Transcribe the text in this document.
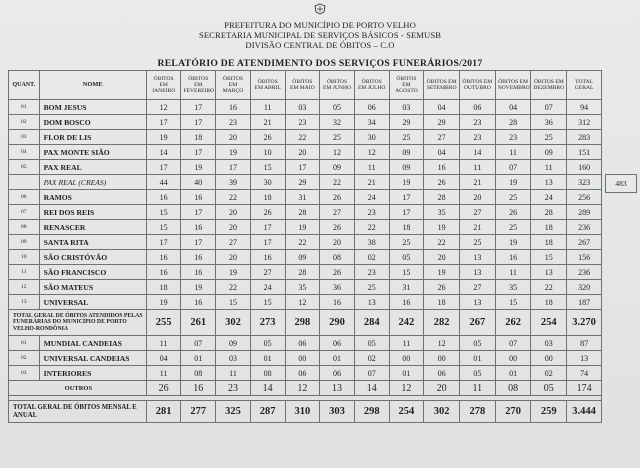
PREFEITURA DO MUNICÍPIO DE PORTO VELHO
SECRETARIA MUNICIPAL DE SERVIÇOS BÁSICOS - SEMUSB
DIVISÃO CENTRAL DE ÓBITOS – C.O
RELATÓRIO DE ATENDIMENTO DOS SERVIÇOS FUNERÁRIOS/2017
QUANT.	NOME	ÓBITOS EM JANEIRO	ÓBITOS EM FEVEREIRO	ÓBITOS EM MARÇO	ÓBITOS EM ABRIL	ÓBITOS EM MAIO	ÓBITOS EM JUNHO	ÓBITOS EM JULHO	ÓBITOS EM AGOSTO	ÓBITOS EM SETEMBRO	ÓBITOS EM OUTUBRO	ÓBITOS EM NOVEMBRO	ÓBITOS EM DEZEMBRO	TOTAL GERAL
01	BOM JESUS	12	17	16	11	03	05	06	03	04	06	04	07	94
02	DOM BOSCO	17	17	23	21	23	32	34	29	29	23	28	36	312
03	FLOR DE LIS	19	18	20	26	22	25	30	25	27	23	23	25	283
04	PAX MONTE SIÃO	14	17	19	10	20	12	12	09	04	14	11	09	151
05	PAX REAL	17	19	17	15	17	09	11	09	16	11	07	11	160
	PAX REAL (CREAS)	44	40	39	30	29	22	21	19	26	21	19	13	323
06	RAMOS	16	16	22	18	31	26	24	17	28	20	25	24	256
07	REI DOS REIS	15	17	20	26	28	27	23	17	35	27	26	28	289
08	RENASCER	15	16	20	17	19	26	22	18	19	21	25	18	236
09	SANTA RITA	17	17	27	17	22	20	38	25	22	25	19	18	267
10	SÃO CRISTÓVÃO	16	16	20	16	09	08	02	05	20	13	16	15	156
11	SÃO FRANCISCO	16	16	19	27	28	26	23	15	19	13	11	13	236
12	SÃO MATEUS	18	19	22	24	35	36	25	31	26	27	35	22	320
13	UNIVERSAL	19	16	15	15	12	16	13	16	18	13	15	18	187
TOTAL GERAL DE ÓBITOS ATENDIDOS PELAS FUNERÁRIAS DO MUNICÍPIO DE PORTO VELHO-RONDÔNIA		255	261	302	273	298	290	284	242	282	267	262	254	3.270
01	MUNDIAL CANDEIAS	11	07	09	05	06	06	05	11	12	05	07	03	87
02	UNIVERSAL CANDEIAS	04	01	03	01	00	01	02	00	00	01	00	00	13
03	INTERIORES	11	08	11	08	06	06	07	01	06	05	01	02	74
OUTROS		26	16	23	14	12	13	14	12	20	11	08	05	174

TOTAL GERAL DE ÓBITOS MENSAL E ANUAL		281	277	325	287	310	303	298	254	302	278	270	259	3.444
483
